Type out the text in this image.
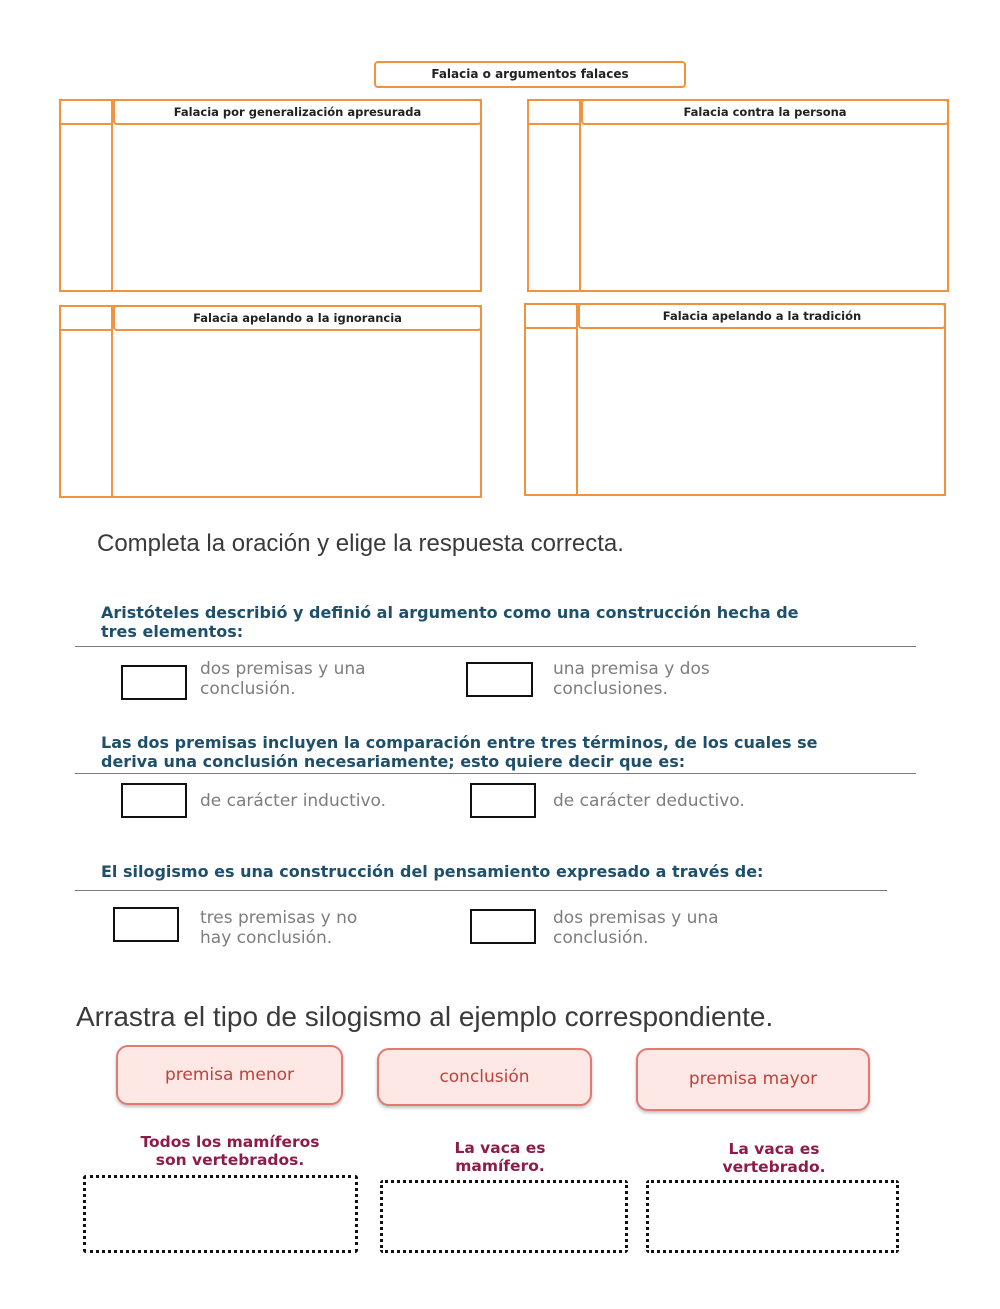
Falacia o argumentos falaces
Falacia por generalización apresurada	Falacia contra la persona
Falacia apelando a la ignorancia	Falacia apelando a la tradición
Completa la oración y elige la respuesta correcta.
Aristóteles describió y definió al argumento como una construcción hecha de
tres elementos:
dos premisas y una
conclusión.
una premisa y dos
conclusiones.
Las dos premisas incluyen la comparación entre tres términos, de los cuales se
deriva una conclusión necesariamente; esto quiere decir que es:
de carácter inductivo.	de carácter deductivo.
El silogismo es una construcción del pensamiento expresado a través de:
tres premisas y no
hay conclusión.
dos premisas y una
conclusión.
Arrastra el tipo de silogismo al ejemplo correspondiente.
premisa menor	conclusión	premisa mayor
Todos los mamíferos
son vertebrados.
La vaca es
mamífero.
La vaca es
vertebrado.
